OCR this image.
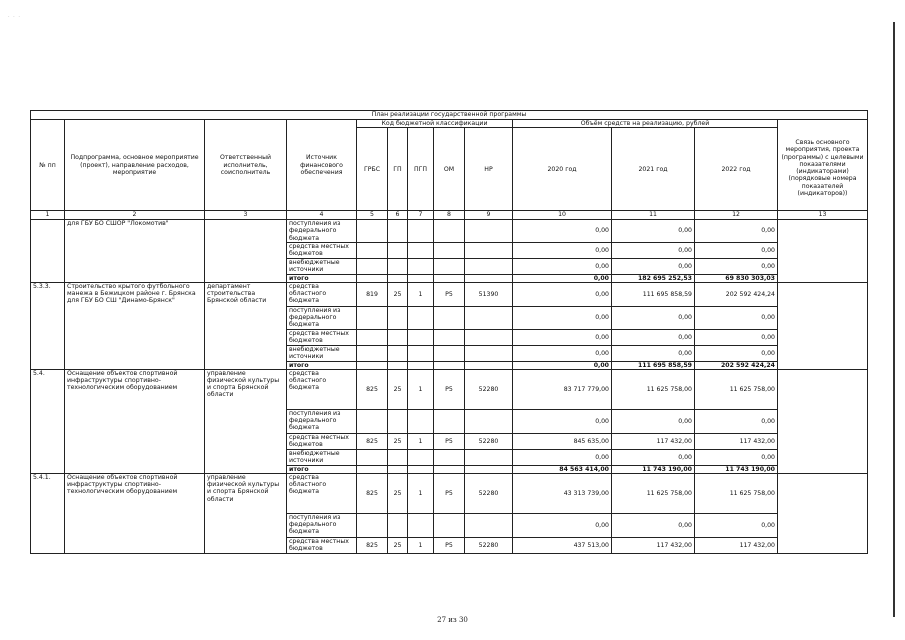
· · ·
План реализации государственной программы												
№ пп	Подпрограмма, основное мероприятие (проект), направление расходов, мероприятие	Ответственный исполнитель, соисполнитель	Источник финансового обеспечения	Код бюджетной классификации					Объём средств на реализацию, рублей			Связь основного мероприятия, проекта (программы) с целевыми показателями (индикаторами) (порядковые номера показателей (индикаторов))
				ГРБС	ГП	ПГП	ОМ	НР	2020 год	2021 год	2022 год	
1	2	3	4	5	6	7	8	9	10	11	12	13
	для ГБУ БО СШОР "Локомотив"		поступления из федерального бюджета						0,00	0,00	0,00	
			средства местных бюджетов						0,00	0,00	0,00	
			внебюджетные источники						0,00	0,00	0,00	
			итого						0,00	182 695 252,53	69 830 303,03	
5.3.3.	Строительство крытого футбольного манежа в Бежицком районе г. Брянска для ГБУ БО СШ "Динамо-Брянск"	департамент строительства Брянской области	средства областного бюджета	819	25	1	P5	51390	0,00	111 695 858,59	202 592 424,24	
			поступления из федерального бюджета						0,00	0,00	0,00	
			средства местных бюджетов						0,00	0,00	0,00	
			внебюджетные источники						0,00	0,00	0,00	
			итого						0,00	111 695 858,59	202 592 424,24	
5.4.	Оснащение объектов спортивной инфраструктуры спортивно-технологическим оборудованием	управление физической культуры и спорта Брянской области	средства областного бюджета	825	25	1	P5	52280	83 717 779,00	11 625 758,00	11 625 758,00	
			поступления из федерального бюджета						0,00	0,00	0,00	
			средства местных бюджетов	825	25	1	P5	52280	845 635,00	117 432,00	117 432,00	
			внебюджетные источники						0,00	0,00	0,00	
			итого						84 563 414,00	11 743 190,00	11 743 190,00	
5.4.1.	Оснащение объектов спортивной инфраструктуры спортивно-технологическим оборудованием	управление физической культуры и спорта Брянской области	средства областного бюджета	825	25	1	P5	52280	43 313 739,00	11 625 758,00	11 625 758,00	
			поступления из федерального бюджета						0,00	0,00	0,00	
			средства местных бюджетов	825	25	1	P5	52280	437 513,00	117 432,00	117 432,00	
27 из 30
